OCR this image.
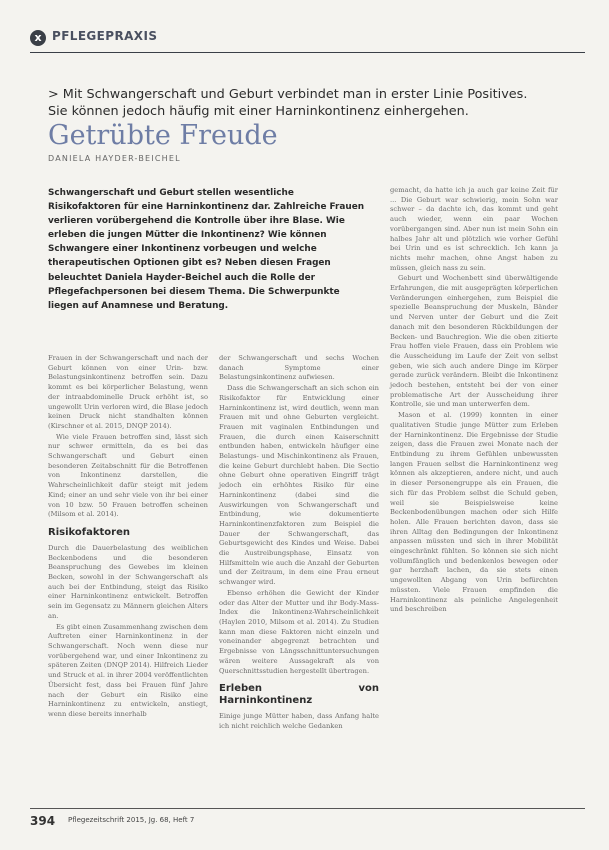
x PFLEGEPRAXIS
> Mit Schwangerschaft und Geburt verbindet man in erster Linie Positives. Sie können jedoch häufig mit einer Harninkontinenz einhergehen.
Getrübte Freude
DANIELA HAYDER-BEICHEL
Schwangerschaft und Geburt stellen wesentliche Risikofaktoren für eine Harninkontinenz dar. Zahlreiche Frauen verlieren vorübergehend die Kontrolle über ihre Blase. Wie erleben die jungen Mütter die Inkontinenz? Wie können Schwangere einer Inkontinenz vorbeugen und welche therapeutischen Optionen gibt es? Neben diesen Fragen beleuchtet Daniela Hayder-Beichel auch die Rolle der Pflegefachpersonen bei diesem Thema. Die Schwerpunkte liegen auf Anamnese und Beratung.

Frauen in der Schwangerschaft und nach der Geburt können von einer Urin- bzw. Belastungsinkontinenz betroffen sein. Dazu kommt es bei körperlicher Belastung, wenn der intraabdominelle Druck erhöht ist, so ungewollt Urin verloren wird, die Blase jedoch keinen Druck nicht standhalten können (Kirschner et al. 2015, DNQP 2014).

Wie viele Frauen betroffen sind, lässt sich nur schwer ermitteln, da es bei das Schwangerschaft und Geburt einen besonderen Zeitabschnitt für die Betroffenen von Inkontinenz darstellen, die Wahrscheinlichkeit dafür steigt mit jedem Kind; einer an und sehr viele von ihr bei einer von 10 bzw. 50 Frauen betroffen scheinen (Milsom et al. 2014).

Risikofaktoren

Durch die Dauerbelastung des weiblichen Beckenbodens und die besonderen Beanspruchung des Gewebes im kleinen Becken, sowohl in der Schwangerschaft als auch bei der Entbindung, steigt das Risiko einer Harninkontinenz entwickelt. Betroffen sein im Gegensatz zu Männern gleichen Alters an.

Es gibt einen Zusammenhang zwischen dem Auftreten einer Harninkontinenz in der Schwangerschaft. Noch wenn diese nur vorübergehend war, und einer Inkontinenz zu späteren Zeiten (DNQP 2014). Hilfreich Lieder und Struck et al. in ihrer 2004 veröffentlichten Übersicht fest, dass bei Frauen fünf Jahre nach der Geburt ein Risiko eine Harninkontinenz zu entwickeln, anstiegt, wenn diese bereits innerhalb

der Schwangerschaft und sechs Wochen danach Symptome einer Belastungsinkontinenz aufwiesen.

Dass die Schwangerschaft an sich schon ein Risikofaktor für Entwicklung einer Harninkontinenz ist, wird deutlich, wenn man Frauen mit und ohne Geburten vergleicht. Frauen mit vaginalen Entbindungen und Frauen, die durch einen Kaiserschnitt entbunden haben, entwickeln häufiger eine Belastungs- und Mischinkontinenz als Frauen, die keine Geburt durchlebt haben. Die Sectio ohne Geburt ohne operativen Eingriff trägt jedoch ein erhöhtes Risiko für eine Harninkontinenz (dabei sind die Auswirkungen von Schwangerschaft und Entbindung, wie dokumentierte Harninkontinenzfaktoren zum Beispiel die Dauer der Schwangerschaft, das Geburtsgewicht des Kindes und Weise. Dabei die Austreibungsphase, Einsatz von Hilfsmitteln wie auch die Anzahl der Geburten und der Zeitraum, in dem eine Frau erneut schwanger wird.

Ebenso erhöhen die Gewicht der Kinder oder das Alter der Mutter und ihr Body-Mass-Index die Inkontinenz-Wahrscheinlichkeit (Haylen 2010, Milsom et al. 2014). Zu Studien kann man diese Faktoren nicht einzeln und voneinander abgegrenzt betrachten und Ergebnisse von Längsschnittuntersuchungen wären weitere Aussagekraft als von Querschnittsstudien hergestellt übertragen.

Erleben von Harninkontinenz

Einige junge Mütter haben, dass Anfang halte ich nicht reichlich welche Gedanken

gemacht, da hatte ich ja auch gar keine Zeit für ... Die Geburt war schwierig, mein Sohn war schwer – da dachte ich, das kommt und geht auch wieder, wenn ein paar Wochen vorübergangen sind. Aber nun ist mein Sohn ein halbes Jahr alt und plötzlich wie vorher Gefühl bei Urin und es ist schrecklich. Ich kann ja nichts mehr machen, ohne Angst haben zu müssen, gleich nass zu sein.

Geburt und Wochenbett sind überwältigende Erfahrungen, die mit ausgeprägten körperlichen Veränderungen einhergehen, zum Beispiel die spezielle Beanspruchung der Muskeln, Bänder und Nerven unter der Geburt und die Zeit danach mit den besonderen Rückbildungen der Becken- und Bauchregion. Wie die oben zitierte Frau hoffen viele Frauen, dass ein Problem wie die Ausscheidung im Laufe der Zeit von selbst geben, wie sich auch andere Dinge im Körper gerade zurück verändern. Bleibt die Inkontinenz jedoch bestehen, entsteht bei der von einer problematische Art der Ausscheidung ihrer Kontrolle, sie und man unterwerfen dem.

Mason et al. (1999) konnten in einer qualitativen Studie junge Mütter zum Erleben der Harninkontinenz. Die Ergebnisse der Studie zeigen, dass die Frauen zwei Monate nach der Entbindung zu ihrem Gefühlen unbewussten langen Frauen selbst die Harninkontinenz weg können als akzeptieren, andere nicht, und auch in dieser Personengruppe als ein Frauen, die sich für das Problem selbst die Schuld geben, weil sie Beispielsweise keine Beckenbodenübungen machen oder sich Hilfe holen. Alle Frauen berichten davon, dass sie ihren Alltag den Bedingungen der Inkontinenz anpassen müssten und sich in ihrer Mobilität eingeschränkt fühlten. So können sie sich nicht vollumfänglich und bedenkenlos bewegen oder gar herzhaft lachen, da sie stets einen ungewollten Abgang von Urin befürchten müssten. Viele Frauen empfinden die Harninkontinenz als peinliche Angelegenheit und beschreiben

394 Pflegezeitschrift 2015, Jg. 68, Heft 7
